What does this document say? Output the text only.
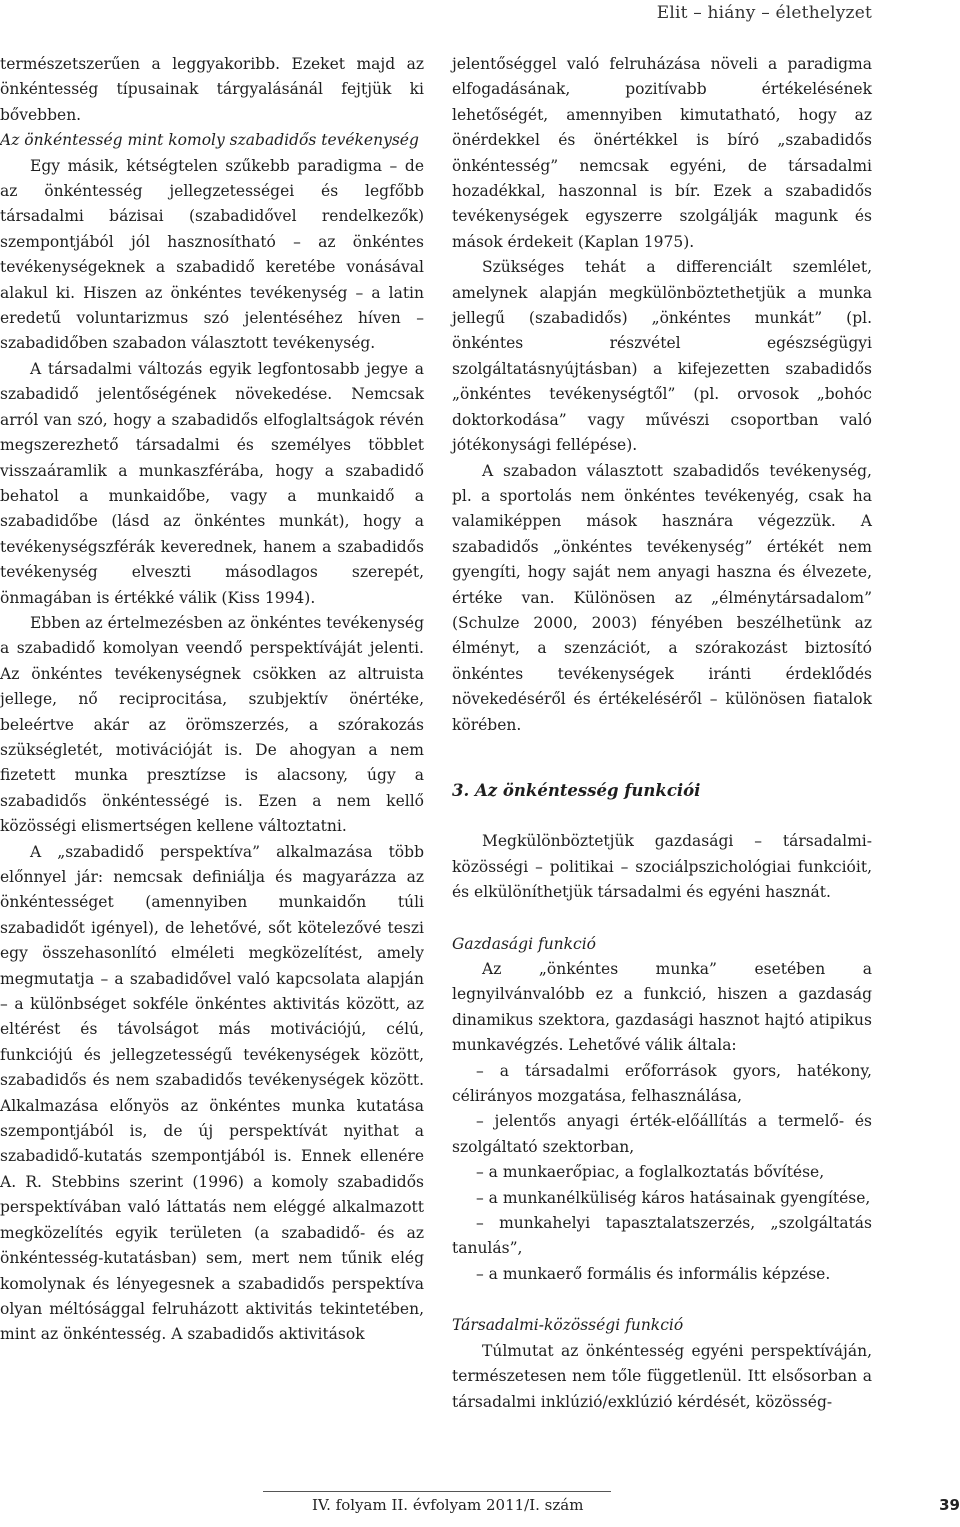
Elit – hiány – élethelyzet

természetszerűen a leggyakoribb. Ezeket majd az önkéntesség típusainak tárgyalásánál fejtjük ki bővebben.

Az önkéntesség mint komoly szabadidős tevékenység

Egy másik, kétségtelen szűkebb paradigma – de az önkéntesség jellegzetességei és legfőbb társadalmi bázisai (szabadidővel rendelkezők) szempontjából jól hasznosítható – az önkéntes tevékenységeknek a szabadidő keretébe vonásával alakul ki. Hiszen az önkéntes tevékenység – a latin eredetű voluntarizmus szó jelentéséhez híven – szabadidőben szabadon választott tevékenység.

A társadalmi változás egyik legfontosabb jegye a szabadidő jelentőségének növekedése. Nemcsak arról van szó, hogy a szabadidős elfoglaltságok révén megszerezhető társadalmi és személyes többlet visszaáramlik a munkaszférába, hogy a szabadidő behatol a munkaidőbe, vagy a munkaidő a szabadidőbe (lásd az önkéntes munkát), hogy a tevékenységszférák keverednek, hanem a szabadidős tevékenység elveszti másodlagos szerepét, önmagában is értékké válik (Kiss 1994).

Ebben az értelmezésben az önkéntes tevékenység a szabadidő komolyan veendő perspektíváját jelenti. Az önkéntes tevékenységnek csökken az altruista jellege, nő reciprocitása, szubjektív önértéke, beleértve akár az örömszerzés, a szórakozás szükségletét, motivációját is. De ahogyan a nem fizetett munka presztízse is alacsony, úgy a szabadidős önkéntességé is. Ezen a nem kellő közösségi elismertségen kellene változtatni.

A „szabadidő perspektíva” alkalmazása több előnnyel jár: nemcsak definiálja és magyarázza az önkéntességet (amennyiben munkaidőn túli szabadidőt igényel), de lehetővé, sőt kötelezővé teszi egy összehasonlító elméleti megközelítést, amely megmutatja – a szabadidővel való kapcsolata alapján – a különbséget sokféle önkéntes aktivitás között, az eltérést és távolságot más motivációjú, célú, funkciójú és jellegzetességű tevékenységek között, szabadidős és nem szabadidős tevékenységek között. Alkalmazása előnyös az önkéntes munka kutatása szempontjából is, de új perspektívát nyithat a szabadidő-kutatás szempontjából is. Ennek ellenére A. R. Stebbins szerint (1996) a komoly szabadidős perspektívában való láttatás nem eléggé alkalmazott megközelítés egyik területen (a szabadidő- és az önkéntesség-kutatásban) sem, mert nem tűnik elég komolynak és lényegesnek a szabadidős perspektíva olyan méltósággal felruházott aktivitás tekintetében, mint az önkéntesség. A szabadidős aktivitások

jelentőséggel való felruházása növeli a paradigma elfogadásának, pozitívabb értékelésének lehetőségét, amennyiben kimutatható, hogy az önérdekkel és önértékkel is bíró „szabadidős önkéntesség” nemcsak egyéni, de társadalmi hozadékkal, haszonnal is bír. Ezek a szabadidős tevékenységek egyszerre szolgálják magunk és mások érdekeit (Kaplan 1975).

Szükséges tehát a differenciált szemlélet, amelynek alapján megkülönböztethetjük a munka jellegű (szabadidős) „önkéntes munkát” (pl. önkéntes részvétel egészségügyi szolgáltatásnyújtásban) a kifejezetten szabadidős „önkéntes tevékenységtől” (pl. orvosok „bohóc doktorkodása” vagy művészi csoportban való jótékonysági fellépése).

A szabadon választott szabadidős tevékenység, pl. a sportolás nem önkéntes tevékenyég, csak ha valamiképpen mások hasznára végezzük. A szabadidős „önkéntes tevékenység” értékét nem gyengíti, hogy saját nem anyagi haszna és élvezete, értéke van. Különösen az „élménytársadalom” (Schulze 2000, 2003) fényében beszélhetünk az élményt, a szenzációt, a szórakozást biztosító önkéntes tevékenységek iránti érdeklődés növekedéséről és értékeléséről – különösen fiatalok körében.

3. Az önkéntesség funkciói

Megkülönböztetjük gazdasági – társadalmi-közösségi – politikai – szociálpszichológiai funkcióit, és elkülöníthetjük társadalmi és egyéni hasznát.

Gazdasági funkció

Az „önkéntes munka” esetében a legnyilvánvalóbb ez a funkció, hiszen a gazdaság dinamikus szektora, gazdasági hasznot hajtó atipikus munkavégzés. Lehetővé válik általa:

– a társadalmi erőforrások gyors, hatékony, célirányos mozgatása, felhasználása,

– jelentős anyagi érték-előállítás a termelő- és szolgáltató szektorban,

– a munkaerőpiac, a foglalkoztatás bővítése,

– a munkanélküliség káros hatásainak gyengítése,

– munkahelyi tapasztalatszerzés, „szolgáltatás tanulás”,

– a munkaerő formális és informális képzése.

Társadalmi-közösségi funkció

Túlmutat az önkéntesség egyéni perspektíváján, természetesen nem tőle függetlenül. Itt elsősorban a társadalmi inklúzió/exklúzió kérdését, közösség-

IV. folyam II. évfolyam 2011/I. szám	39
